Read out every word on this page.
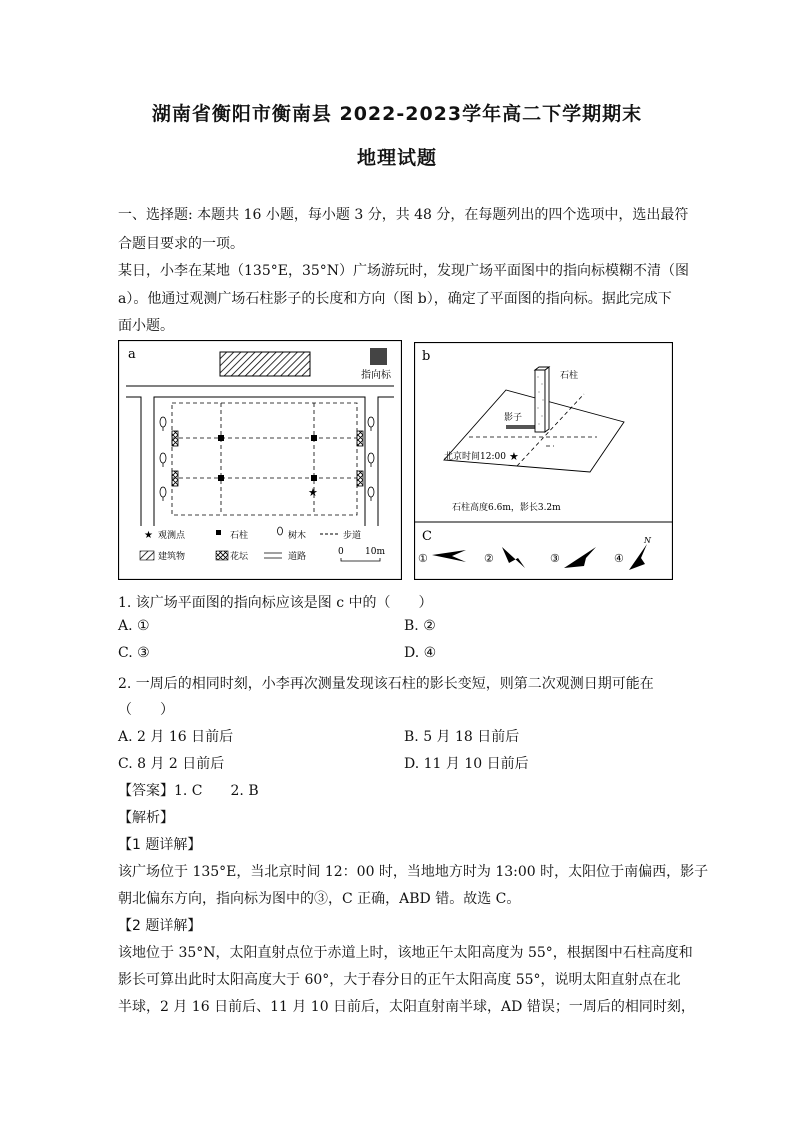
湖南省衡阳市衡南县 2022-2023学年高二下学期期末
地理试题
一、选择题: 本题共 16 小题，每小题 3 分，共 48 分，在每题列出的四个选项中，选出最符
合题目要求的一项。
某日，小李在某地（135°E，35°N）广场游玩时，发现广场平面图中的指向标模糊不清（图
a）。他通过观测广场石柱影子的长度和方向（图 b），确定了平面图的指向标。据此完成下
面小题。
a
指向标
★
★ 观测点	石柱	树木	步道
建筑物	花坛	道路	0 10m
b
影子
石柱
★
北京时间12:00
石柱高度6.6m，影长3.2m
C
①	②	③	④
N
1. 该广场平面图的指向标应该是图 c 中的（　　）
A. ①	B. ②
C. ③	D. ④
2. 一周后的相同时刻，小李再次测量发现该石柱的影长变短，则第二次观测日期可能在
（　　）
A. 2 月 16 日前后	B. 5 月 18 日前后
C. 8 月 2 日前后	D. 11 月 10 日前后
【答案】1. C　　2. B
【解析】
【1 题详解】
该广场位于 135°E，当北京时间 12：00 时，当地地方时为 13:00 时，太阳位于南偏西，影子
朝北偏东方向，指向标为图中的③，C 正确，ABD 错。故选 C。
【2 题详解】
该地位于 35°N，太阳直射点位于赤道上时，该地正午太阳高度为 55°，根据图中石柱高度和
影长可算出此时太阳高度大于 60°，大于春分日的正午太阳高度 55°，说明太阳直射点在北
半球，2 月 16 日前后、11 月 10 日前后，太阳直射南半球，AD 错误；一周后的相同时刻，
